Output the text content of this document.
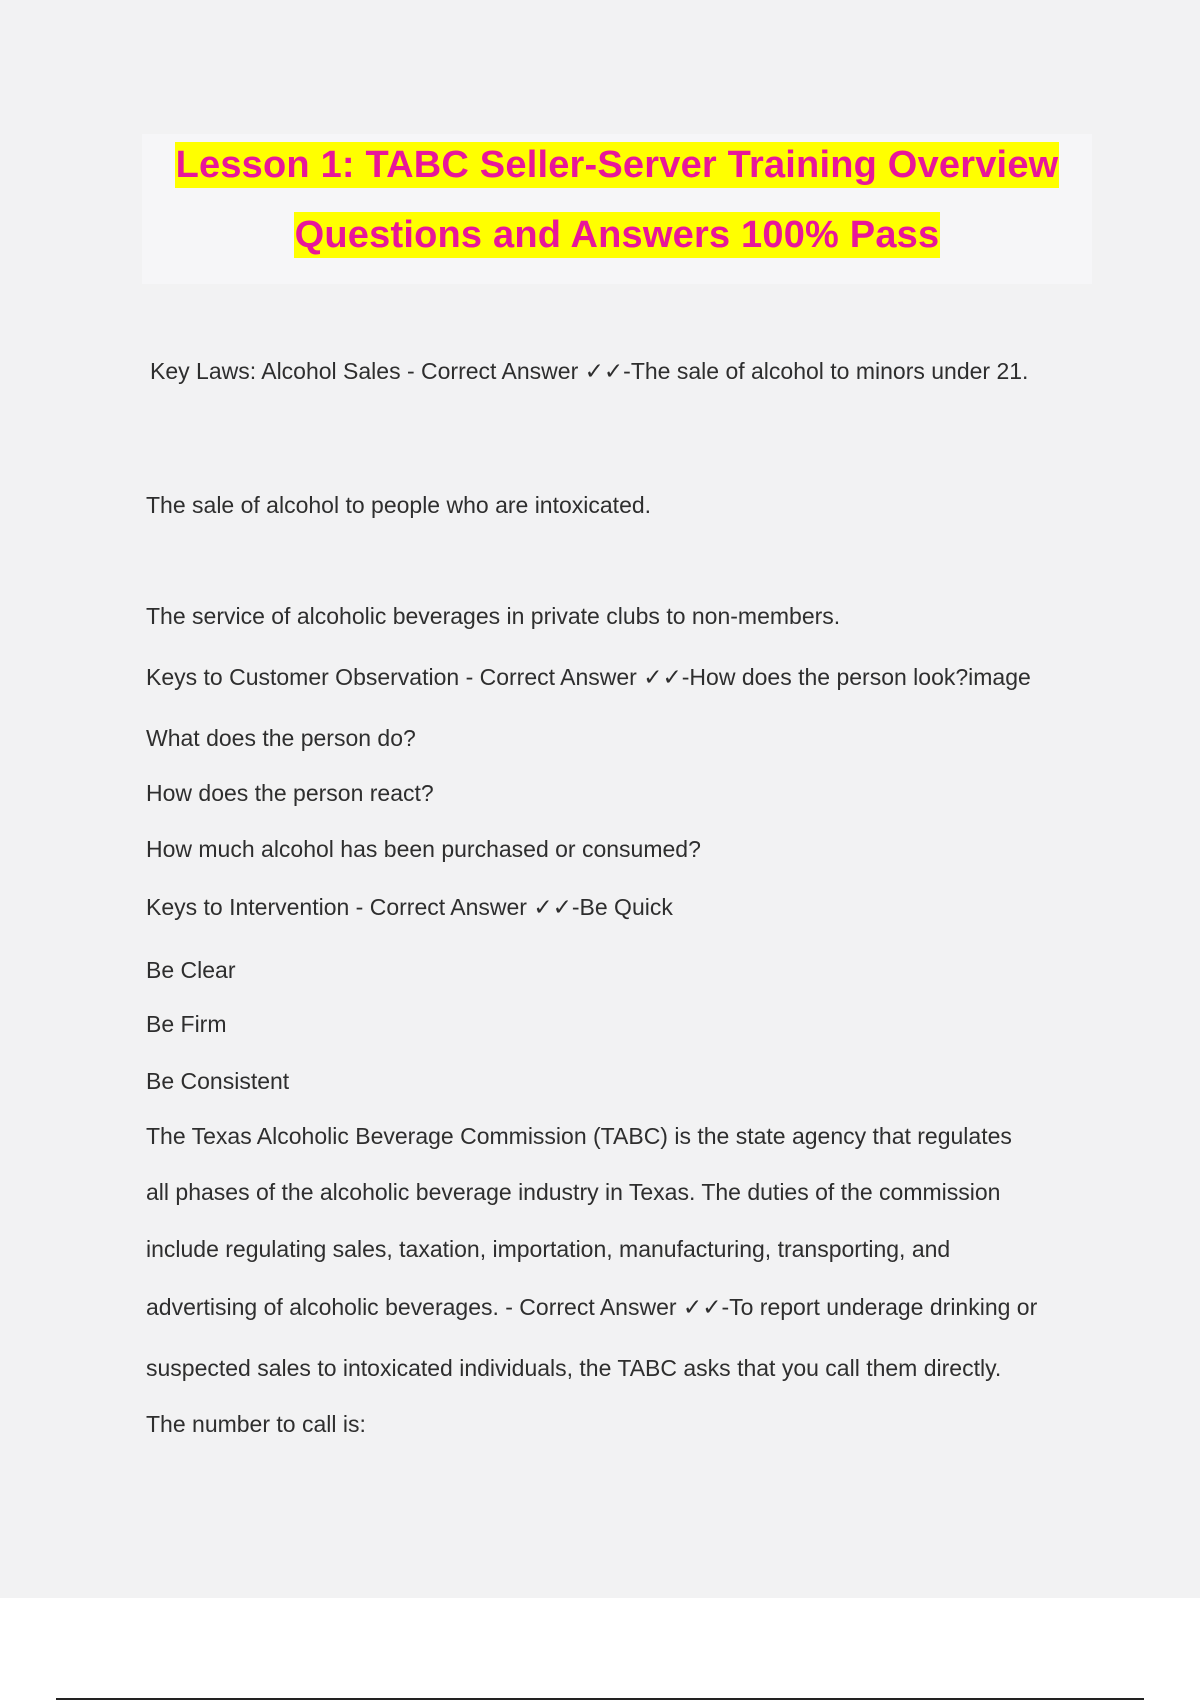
Lesson 1: TABC Seller-Server Training Overview
Questions and Answers 100% Pass
Key Laws: Alcohol Sales - Correct Answer ✓✓-The sale of alcohol to minors under 21.
The sale of alcohol to people who are intoxicated.
The service of alcoholic beverages in private clubs to non-members.
Keys to Customer Observation - Correct Answer ✓✓-How does the person look?image
What does the person do?
How does the person react?
How much alcohol has been purchased or consumed?
Keys to Intervention - Correct Answer ✓✓-Be Quick
Be Clear
Be Firm
Be Consistent
The Texas Alcoholic Beverage Commission (TABC) is the state agency that regulates
all phases of the alcoholic beverage industry in Texas. The duties of the commission
include regulating sales, taxation, importation, manufacturing, transporting, and
advertising of alcoholic beverages. - Correct Answer ✓✓-To report underage drinking or
suspected sales to intoxicated individuals, the TABC asks that you call them directly.
The number to call is:
